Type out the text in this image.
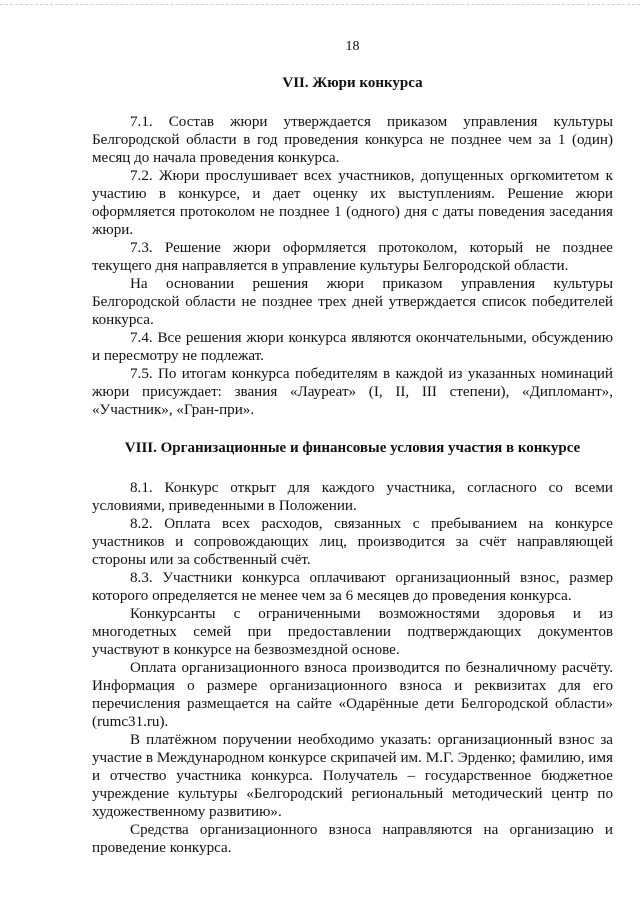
18

VII. Жюри конкурса

7.1. Состав жюри утверждается приказом управления культуры Белгородской области в год проведения конкурса не позднее чем за 1 (один) месяц до начала проведения конкурса.

7.2. Жюри прослушивает всех участников, допущенных оргкомитетом к участию в конкурсе, и дает оценку их выступлениям. Решение жюри оформляется протоколом не позднее 1 (одного) дня с даты поведения заседания жюри.

7.3. Решение жюри оформляется протоколом, который не позднее текущего дня направляется в управление культуры Белгородской области.

На основании решения жюри приказом управления культуры Белгородской области не позднее трех дней утверждается список победителей конкурса.

7.4. Все решения жюри конкурса являются окончательными, обсуждению и пересмотру не подлежат.

7.5. По итогам конкурса победителям в каждой из указанных номинаций жюри присуждает: звания «Лауреат» (I, II, III степени), «Дипломант», «Участник», «Гран-при».

VIII. Организационные и финансовые условия участия в конкурсе

8.1. Конкурс открыт для каждого участника, согласного со всеми условиями, приведенными в Положении.

8.2. Оплата всех расходов, связанных с пребыванием на конкурсе участников и сопровождающих лиц, производится за счёт направляющей стороны или за собственный счёт.

8.3. Участники конкурса оплачивают организационный взнос, размер которого определяется не менее чем за 6 месяцев до проведения конкурса.

Конкурсанты с ограниченными возможностями здоровья и из многодетных семей при предоставлении подтверждающих документов участвуют в конкурсе на безвозмездной основе.

Оплата организационного взноса производится по безналичному расчёту. Информация о размере организационного взноса и реквизитах для его перечисления размещается на сайте «Одарённые дети Белгородской области» (rumc31.ru).

В платёжном поручении необходимо указать: организационный взнос за участие в Международном конкурсе скрипачей им. М.Г. Эрденко; фамилию, имя и отчество участника конкурса. Получатель – государственное бюджетное учреждение культуры «Белгородский региональный методический центр по художественному развитию».

Средства организационного взноса направляются на организацию и проведение конкурса.
